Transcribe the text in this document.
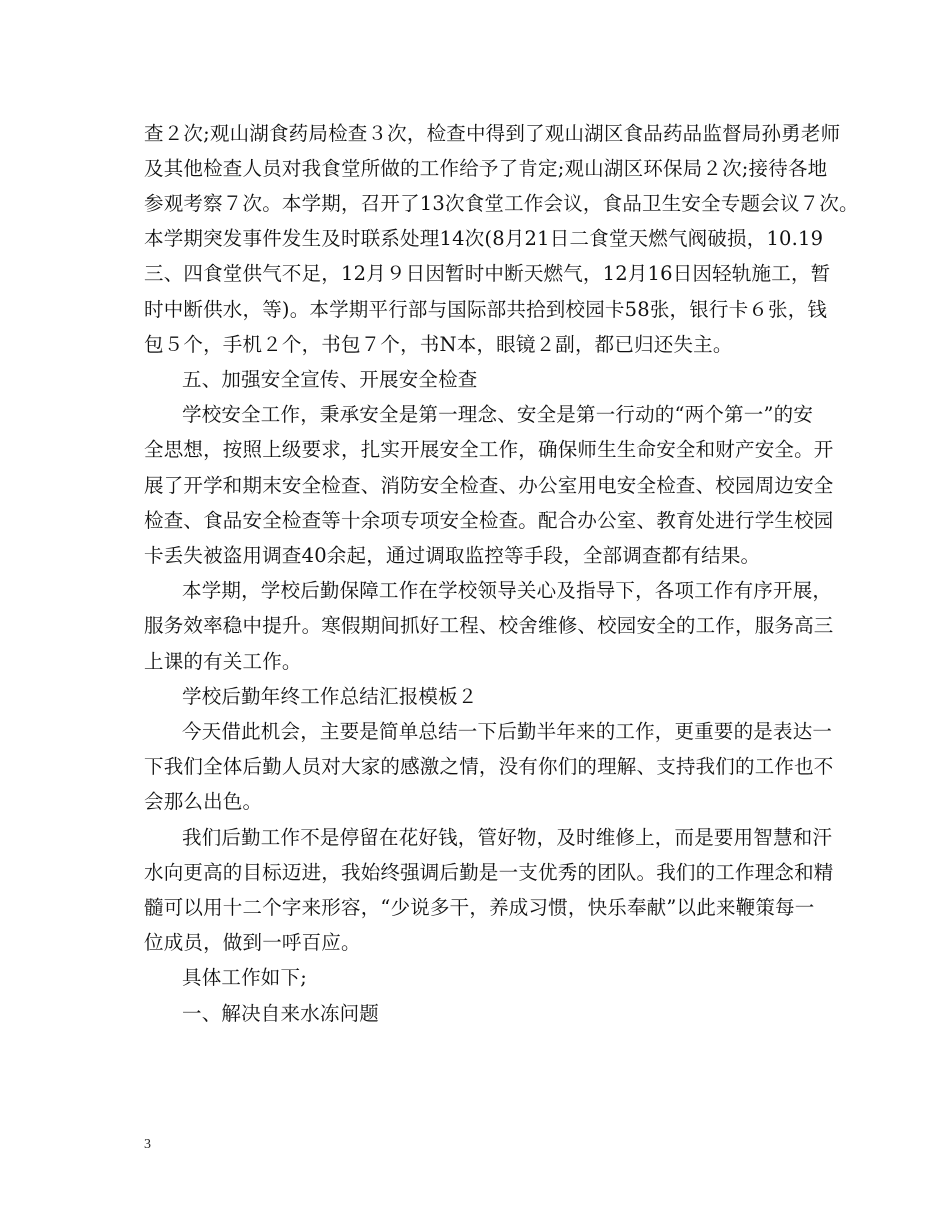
查２次;观山湖食药局检查３次，检查中得到了观山湖区食品药品监督局孙勇老师
及其他检查人员对我食堂所做的工作给予了肯定;观山湖区环保局２次;接待各地
参观考察７次。本学期，召开了13次食堂工作会议，食品卫生安全专题会议７次。
本学期突发事件发生及时联系处理14次(8月21日二食堂天燃气阀破损，10.19
三、四食堂供气不足，12月９日因暂时中断天燃气，12月16日因轻轨施工，暂
时中断供水，等)。本学期平行部与国际部共拾到校园卡58张，银行卡６张，钱
包５个，手机２个，书包７个，书N本，眼镜２副，都已归还失主。
五、加强安全宣传、开展安全检查
学校安全工作，秉承安全是第一理念、安全是第一行动的“两个第一”的安
全思想，按照上级要求，扎实开展安全工作，确保师生生命安全和财产安全。开
展了开学和期末安全检查、消防安全检查、办公室用电安全检查、校园周边安全
检查、食品安全检查等十余项专项安全检查。配合办公室、教育处进行学生校园
卡丢失被盗用调查40余起，通过调取监控等手段，全部调查都有结果。
本学期，学校后勤保障工作在学校领导关心及指导下，各项工作有序开展，
服务效率稳中提升。寒假期间抓好工程、校舍维修、校园安全的工作，服务高三
上课的有关工作。
学校后勤年终工作总结汇报模板２
今天借此机会，主要是简单总结一下后勤半年来的工作，更重要的是表达一
下我们全体后勤人员对大家的感激之情，没有你们的理解、支持我们的工作也不
会那么出色。
我们后勤工作不是停留在花好钱，管好物，及时维修上，而是要用智慧和汗
水向更高的目标迈进，我始终强调后勤是一支优秀的团队。我们的工作理念和精
髓可以用十二个字来形容，“少说多干，养成习惯，快乐奉献”以此来鞭策每一
位成员，做到一呼百应。
具体工作如下;
一、解决自来水冻问题
3
